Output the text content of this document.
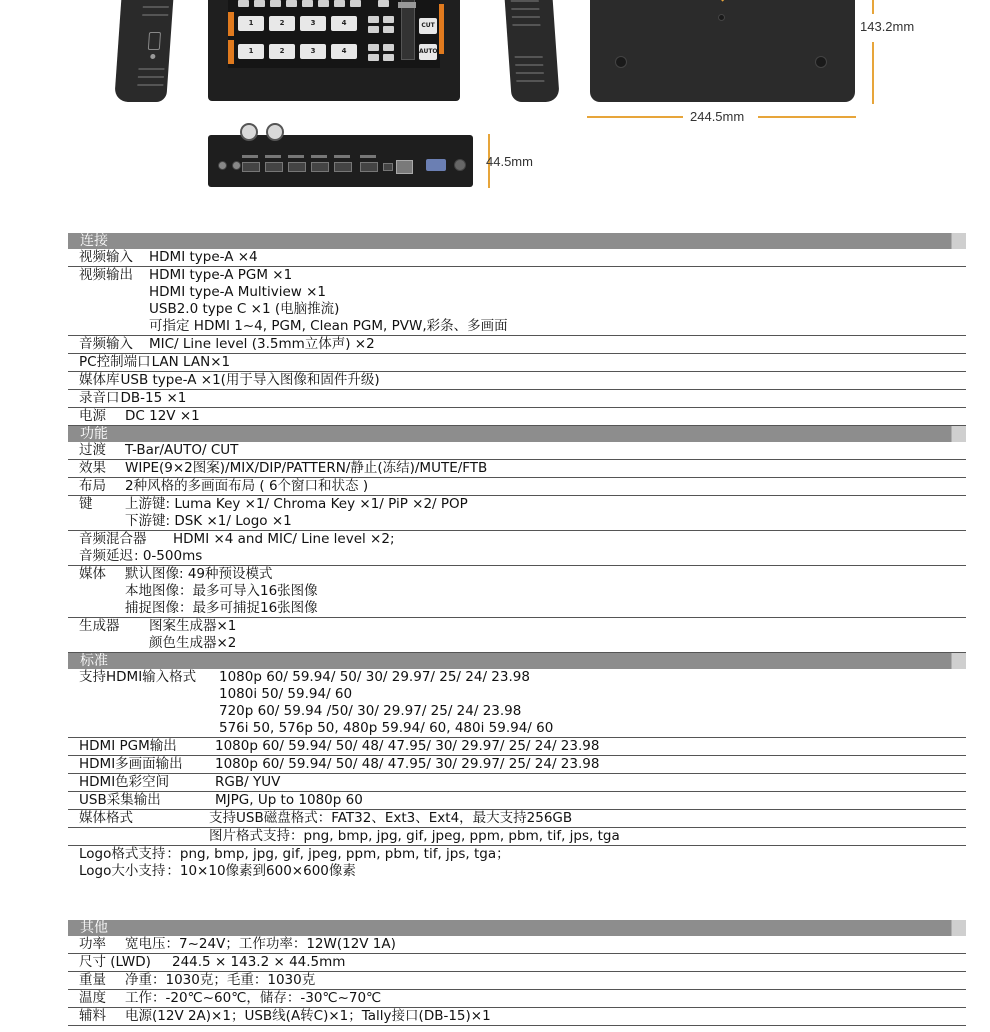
1	2	3	4
1	2	3	4
CUT
AUTO
143.2mm
244.5mm
44.5mm
连接
视频输入 HDMI type-A ×4
视频输出 HDMI type-A PGM ×1
HDMI type-A Multiview ×1
USB2.0 type C ×1 (电脑推流)
可指定 HDMI 1~4, PGM, Clean PGM, PVW,彩条、多画面
音频输入 MIC/ Line level (3.5mm立体声) ×2
PC控制端口 LAN LAN×1
媒体库 USB type-A ×1(用于导入图像和固件升级)
录音口 DB-15 ×1
电源 DC 12V ×1
功能
过渡 T-Bar/AUTO/ CUT
效果 WIPE(9×2图案)/MIX/DIP/PATTERN/静止(冻结)/MUTE/FTB
布局 2种风格的多画面布局 ( 6个窗口和状态 )
键 上游键: Luma Key ×1/ Chroma Key ×1/ PiP ×2/ POP
下游键: DSK ×1/ Logo ×1
音频混合器 HDMI ×4 and MIC/ Line level ×2;
音频延迟 : 0-500ms
媒体 默认图像: 49种预设模式
本地图像：最多可导入16张图像
捕捉图像：最多可捕捉16张图像
生成器 图案生成器×1
颜色生成器×2
标准
支持HDMI输入格式 1080p 60/ 59.94/ 50/ 30/ 29.97/ 25/ 24/ 23.98
1080i 50/ 59.94/ 60
720p 60/ 59.94 /50/ 30/ 29.97/ 25/ 24/ 23.98
576i 50, 576p 50, 480p 59.94/ 60, 480i 59.94/ 60
HDMI PGM输出	1080p 60/ 59.94/ 50/ 48/ 47.95/ 30/ 29.97/ 25/ 24/ 23.98
HDMI多画面输出 1080p 60/ 59.94/ 50/ 48/ 47.95/ 30/ 29.97/ 25/ 24/ 23.98
HDMI色彩空间	RGB/ YUV
USB采集输出	MJPG, Up to 1080p 60
媒体格式	支持USB磁盘格式：FAT32、Ext3、Ext4，最大支持256GB
图片格式支持：png, bmp, jpg, gif, jpeg, ppm, pbm, tif, jps, tga
Logo格式支持 ：png, bmp, jpg, gif, jpeg, ppm, pbm, tif, jps, tga；
Logo大小支持 ：10×10像素到600×600像素
其他
功率 宽电压：7~24V；工作功率：12W(12V 1A)
尺寸 (LWD) 244.5 × 143.2 × 44.5mm
重量 净重：1030克；毛重：1030克
温度 工作：-20℃~60℃，储存：-30℃~70℃
辅料 电源(12V 2A)×1；USB线(A转C)×1；Tally接口(DB-15)×1
